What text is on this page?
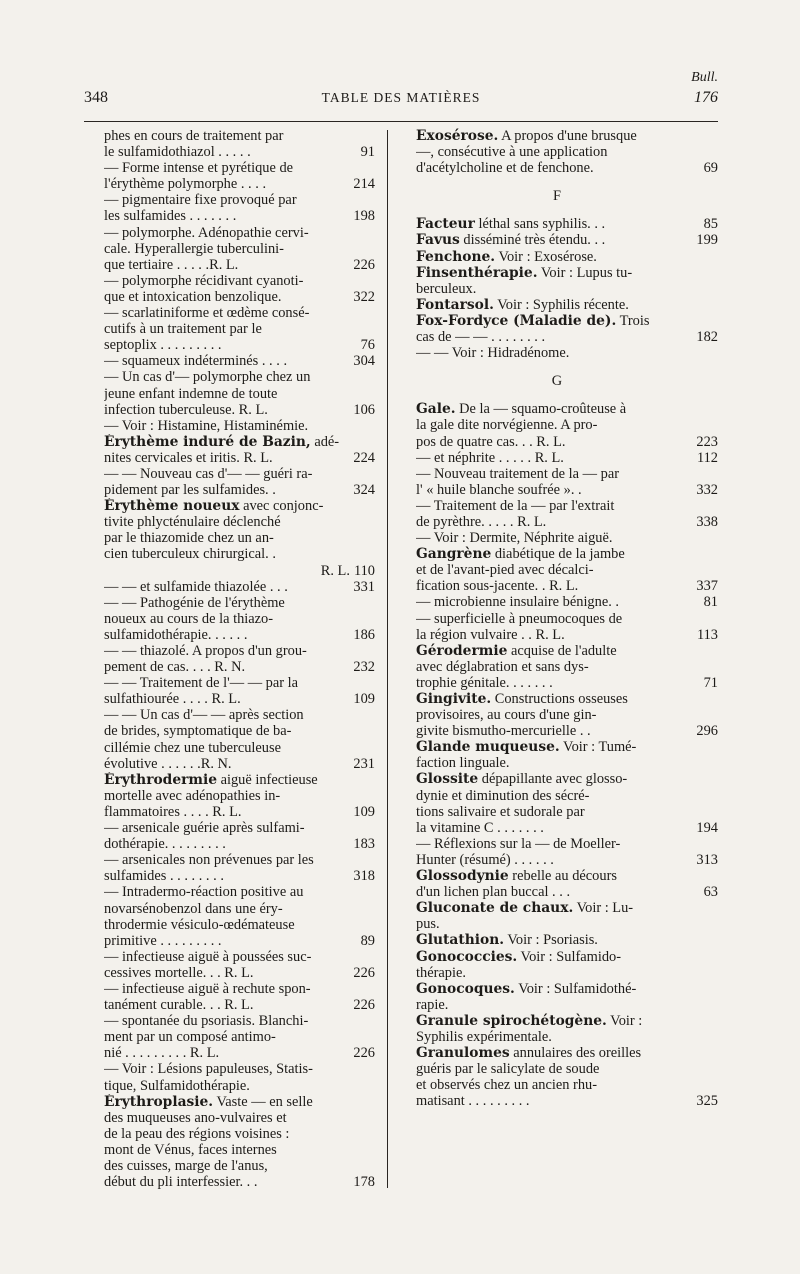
Bull.
348	TABLE DES MATIÈRES	176
phes en cours de traitement par
le sulfamidothiazol . . . . .	91
— Forme intense et pyrétique de
l'érythème polymorphe . . . .	214
— pigmentaire fixe provoqué par
les sulfamides . . . . . . .	198
— polymorphe. Adénopathie cervi-
cale. Hyperallergie tuberculini-
que tertiaire . . . . .R. L.	226
— polymorphe récidivant cyanoti-
que et intoxication benzolique.	322
— scarlatiniforme et œdème consé-
cutifs à un traitement par le
septoplix . . . . . . . . .	76
— squameux indéterminés . . . .	304
— Un cas d'— polymorphe chez un
jeune enfant indemne de toute
infection tuberculeuse. R. L.	106
— Voir : Histamine, Histaminémie.
Érythème induré de Bazin, adé-
nites cervicales et iritis. R. L.	224
— — Nouveau cas d'— — guéri ra-
pidement par les sulfamides. .	324
Érythème noueux avec conjonc-
tivite phlycténulaire déclenché
par le thiazomide chez un an-
cien tuberculeux chirurgical. .
R. L. 110
— — et sulfamide thiazolée . . .	331
— — Pathogénie de l'érythème
noueux au cours de la thiazo-
sulfamidothérapie. . . . . .	186
— — thiazolé. A propos d'un grou-
pement de cas. . . . R. N.	232
— — Traitement de l'— — par la
sulfathiourée . . . . R. L.	109
— — Un cas d'— — après section
de brides, symptomatique de ba-
cillémie chez une tuberculeuse
évolutive . . . . . .R. N.	231
Érythrodermie aiguë infectieuse
mortelle avec adénopathies in-
flammatoires . . . . R. L.	109
— arsenicale guérie après sulfami-
dothérapie. . . . . . . . .	183
— arsenicales non prévenues par les
sulfamides . . . . . . . .	318
— Intradermo-réaction positive au
novarsénobenzol dans une éry-
throdermie vésiculo-œdémateuse
primitive . . . . . . . . .	89
— infectieuse aiguë à poussées suc-
cessives mortelle. . . R. L.	226
— infectieuse aiguë à rechute spon-
tanément curable. . . R. L.	226
— spontanée du psoriasis. Blanchi-
ment par un composé antimo-
nié . . . . . . . . . R. L.	226
— Voir : Lésions papuleuses, Statis-
tique, Sulfamidothérapie.
Érythroplasie. Vaste — en selle
des muqueuses ano-vulvaires et
de la peau des régions voisines :
mont de Vénus, faces internes
des cuisses, marge de l'anus,
début du pli interfessier. . .	178
Exosérose. A propos d'une brusque
—, consécutive à une application
d'acétylcholine et de fenchone.	69
F
Facteur léthal sans syphilis. . .	85
Favus disséminé très étendu. . .	199
Fenchone. Voir : Exosérose.
Finsenthérapie. Voir : Lupus tu-
berculeux.
Fontarsol. Voir : Syphilis récente.
Fox-Fordyce (Maladie de). Trois
cas de — — . . . . . . . .	182
— — Voir : Hidradénome.
G
Gale. De la — squamo-croûteuse à
la gale dite norvégienne. A pro-
pos de quatre cas. . . R. L.	223
— et néphrite . . . . . R. L.	112
— Nouveau traitement de la — par
l' « huile blanche soufrée ». .	332
— Traitement de la — par l'extrait
de pyrèthre. . . . . R. L.	338
— Voir : Dermite, Néphrite aiguë.
Gangrène diabétique de la jambe
et de l'avant-pied avec décalci-
fication sous-jacente. . R. L.	337
— microbienne insulaire bénigne. .	81
— superficielle à pneumocoques de
la région vulvaire . . R. L.	113
Gérodermie acquise de l'adulte
avec déglabration et sans dys-
trophie génitale. . . . . . .	71
Gingivite. Constructions osseuses
provisoires, au cours d'une gin-
givite bismutho-mercurielle . .	296
Glande muqueuse. Voir : Tumé-
faction linguale.
Glossite dépapillante avec glosso-
dynie et diminution des sécré-
tions salivaire et sudorale par
la vitamine C . . . . . . .	194
— Réflexions sur la — de Moeller-
Hunter (résumé) . . . . . .	313
Glossodynie rebelle au décours
d'un lichen plan buccal . . .	63
Gluconate de chaux. Voir : Lu-
pus.
Glutathion. Voir : Psoriasis.
Gonococcies. Voir : Sulfamido-
thérapie.
Gonocoques. Voir : Sulfamidothé-
rapie.
Granule spirochétogène. Voir :
Syphilis expérimentale.
Granulomes annulaires des oreilles
guéris par le salicylate de soude
et observés chez un ancien rhu-
matisant . . . . . . . . .	325
